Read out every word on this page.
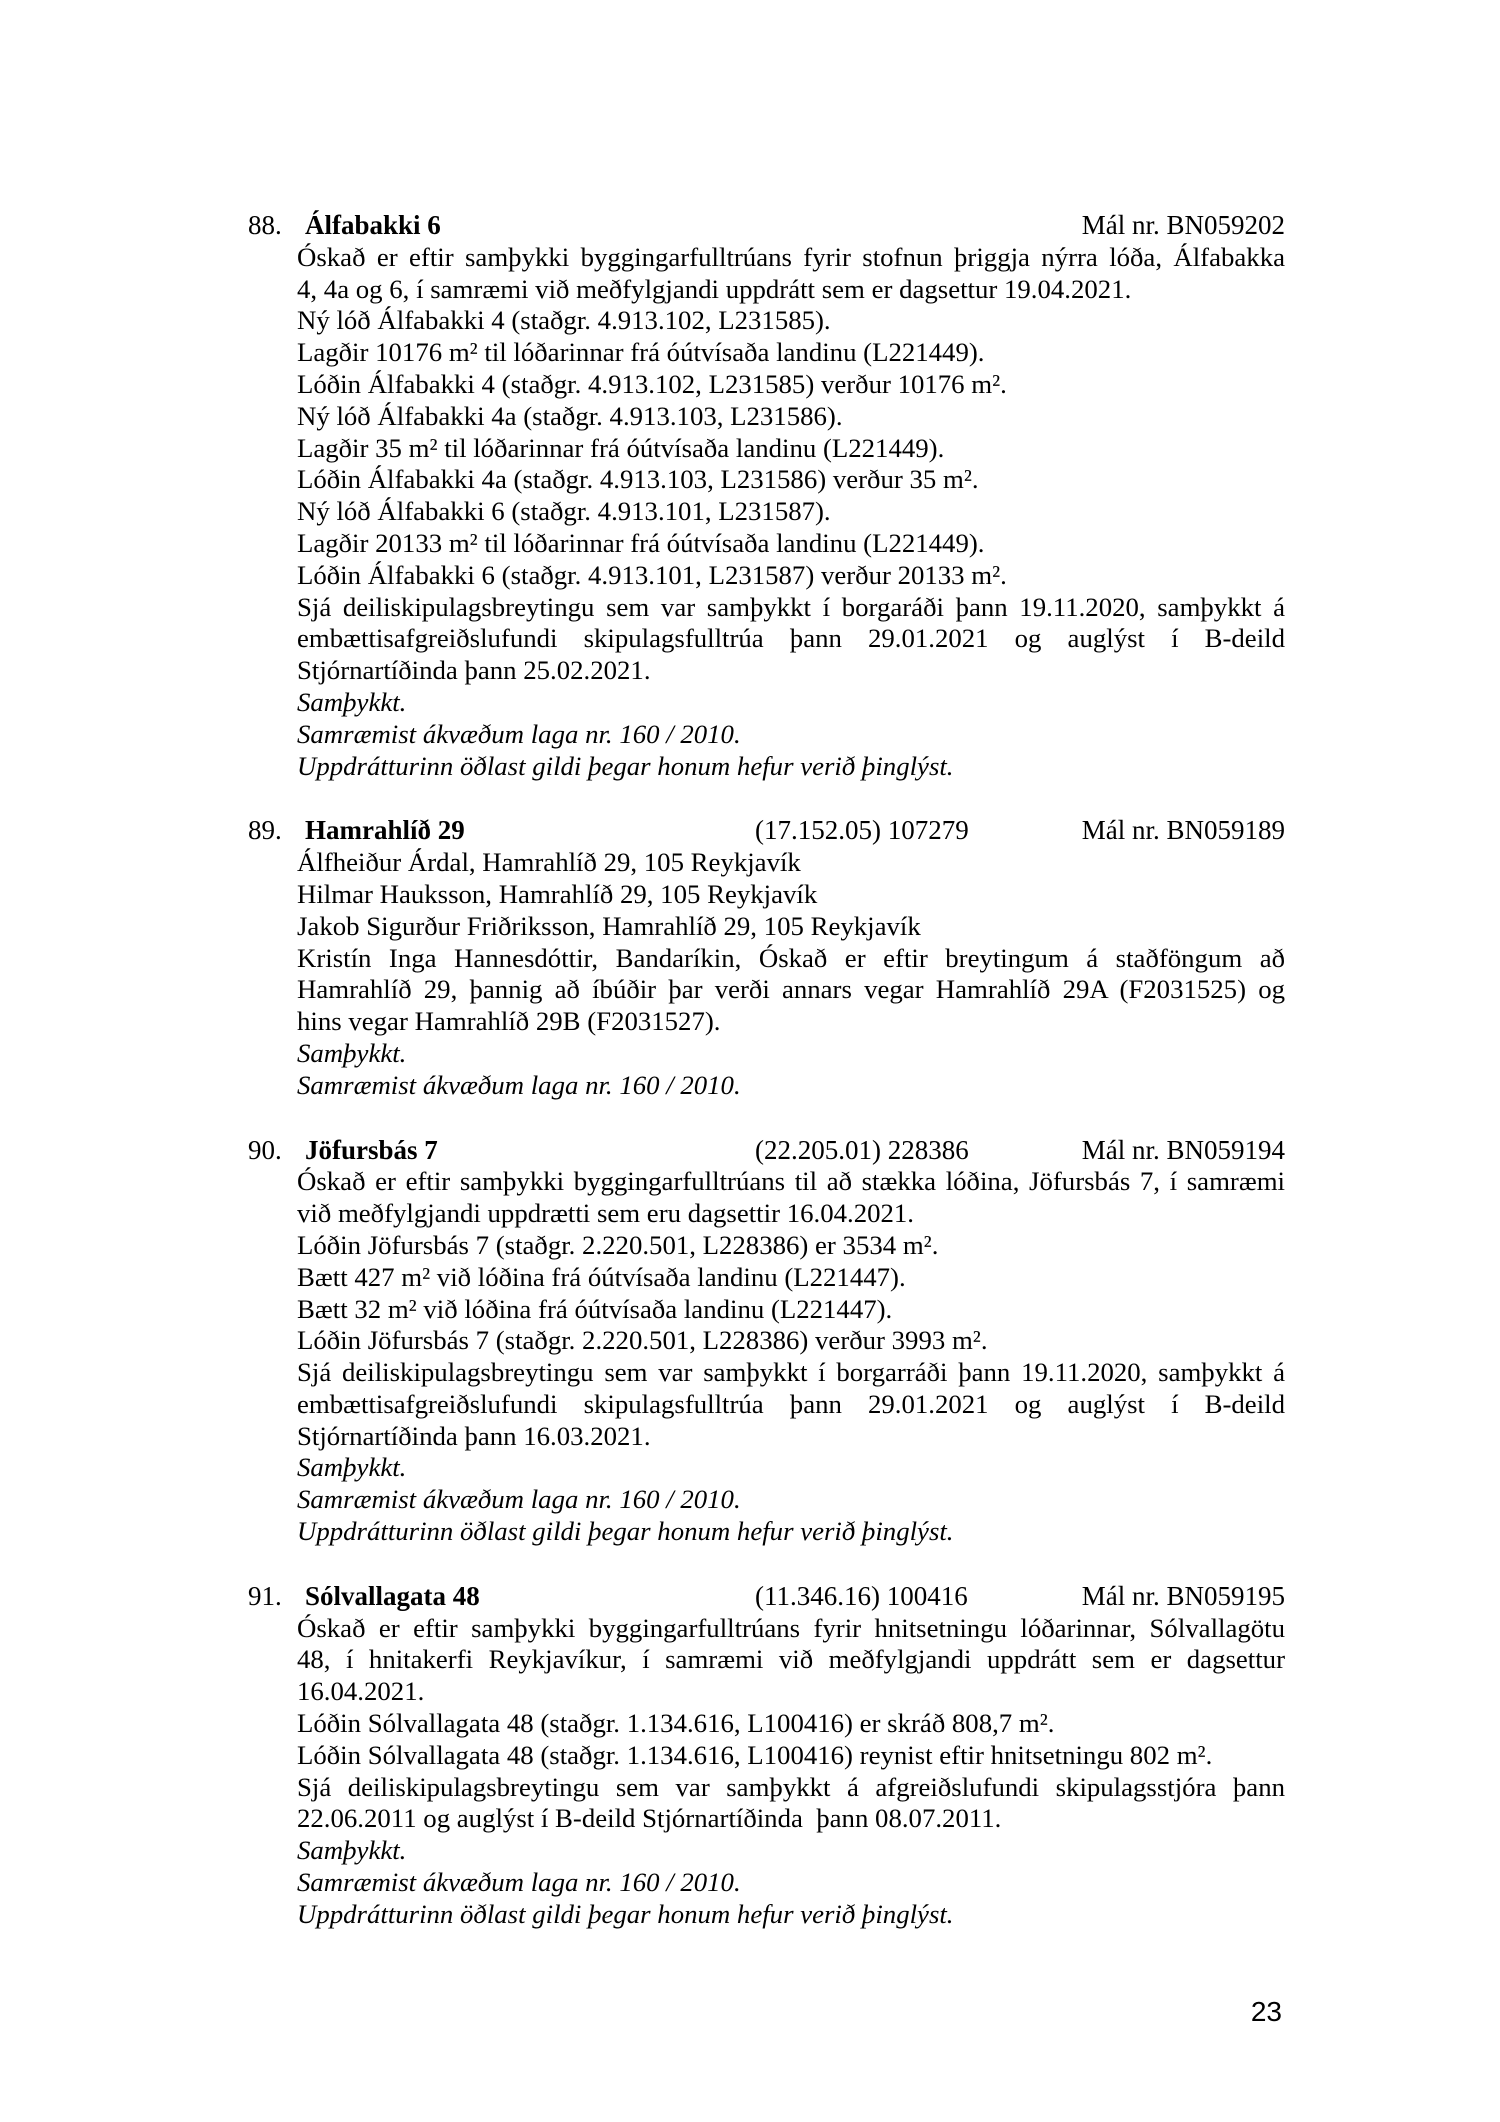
88. Álfabakki 6	Mál nr. BN059202

Óskað er eftir samþykki byggingarfulltrúans fyrir stofnun þriggja nýrra lóða, Álfabakka

4, 4a og 6, í samræmi við meðfylgjandi uppdrátt sem er dagsettur 19.04.2021.

Ný lóð Álfabakki 4 (staðgr. 4.913.102, L231585).

Lagðir 10176 m² til lóðarinnar frá óútvísaða landinu (L221449).

Lóðin Álfabakki 4 (staðgr. 4.913.102, L231585) verður 10176 m².

Ný lóð Álfabakki 4a (staðgr. 4.913.103, L231586).

Lagðir 35 m² til lóðarinnar frá óútvísaða landinu (L221449).

Lóðin Álfabakki 4a (staðgr. 4.913.103, L231586) verður 35 m².

Ný lóð Álfabakki 6 (staðgr. 4.913.101, L231587).

Lagðir 20133 m² til lóðarinnar frá óútvísaða landinu (L221449).

Lóðin Álfabakki 6 (staðgr. 4.913.101, L231587) verður 20133 m².

Sjá deiliskipulagsbreytingu sem var samþykkt í borgaráði þann 19.11.2020, samþykkt á

embættisafgreiðslufundi skipulagsfulltrúa þann 29.01.2021 og auglýst í B-deild

Stjórnartíðinda þann 25.02.2021.

Samþykkt.

Samræmist ákvæðum laga nr. 160 / 2010.

Uppdrátturinn öðlast gildi þegar honum hefur verið þinglýst.

89. Hamrahlíð 29	(17.152.05) 107279	Mál nr. BN059189

Álfheiður Árdal, Hamrahlíð 29, 105 Reykjavík

Hilmar Hauksson, Hamrahlíð 29, 105 Reykjavík

Jakob Sigurður Friðriksson, Hamrahlíð 29, 105 Reykjavík

Kristín Inga Hannesdóttir, Bandaríkin, Óskað er eftir breytingum á staðföngum að

Hamrahlíð 29, þannig að íbúðir þar verði annars vegar Hamrahlíð 29A (F2031525) og

hins vegar Hamrahlíð 29B (F2031527).

Samþykkt.

Samræmist ákvæðum laga nr. 160 / 2010.

90. Jöfursbás 7	(22.205.01) 228386	Mál nr. BN059194

Óskað er eftir samþykki byggingarfulltrúans til að stækka lóðina, Jöfursbás 7, í samræmi

við meðfylgjandi uppdrætti sem eru dagsettir 16.04.2021.

Lóðin Jöfursbás 7 (staðgr. 2.220.501, L228386) er 3534 m².

Bætt 427 m² við lóðina frá óútvísaða landinu (L221447).

Bætt 32 m² við lóðina frá óútvísaða landinu (L221447).

Lóðin Jöfursbás 7 (staðgr. 2.220.501, L228386) verður 3993 m².

Sjá deiliskipulagsbreytingu sem var samþykkt í borgarráði þann 19.11.2020, samþykkt á

embættisafgreiðslufundi skipulagsfulltrúa þann 29.01.2021 og auglýst í B-deild

Stjórnartíðinda þann 16.03.2021.

Samþykkt.

Samræmist ákvæðum laga nr. 160 / 2010.

Uppdrátturinn öðlast gildi þegar honum hefur verið þinglýst.

91. Sólvallagata 48	(11.346.16) 100416	Mál nr. BN059195

Óskað er eftir samþykki byggingarfulltrúans fyrir hnitsetningu lóðarinnar, Sólvallagötu

48, í hnitakerfi Reykjavíkur, í samræmi við meðfylgjandi uppdrátt sem er dagsettur

16.04.2021.

Lóðin Sólvallagata 48 (staðgr. 1.134.616, L100416) er skráð 808,7 m².

Lóðin Sólvallagata 48 (staðgr. 1.134.616, L100416) reynist eftir hnitsetningu 802 m².

Sjá deiliskipulagsbreytingu sem var samþykkt á afgreiðslufundi skipulagsstjóra þann

22.06.2011 og auglýst í B-deild Stjórnartíðinda  þann 08.07.2011.

Samþykkt.

Samræmist ákvæðum laga nr. 160 / 2010.

Uppdrátturinn öðlast gildi þegar honum hefur verið þinglýst.

23
